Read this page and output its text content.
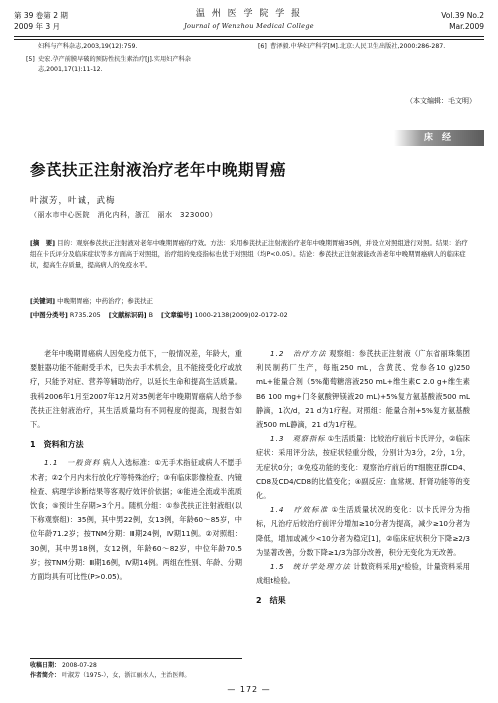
第 39 卷第 2 期
2009 年 3 月
温 州 医 学 院 学 报
Journal of Wenzhou Medical College
Vol.39 No.2
Mar.2009
妇科与产科杂志,2003,19(12):759.
[5] 史宏.孕产前膜早破的预防性抗生素治疗[J].实用妇产科杂志,2001,17(1):11-12.
[6] 曹泽毅.中华妇产科学[M].北京:人民卫生出版社,2000:286-287.
（本文编辑：毛文明）
床 经
参芪扶正注射液治疗老年中晚期胃癌
叶淑芳，叶诚，武梅
（丽水市中心医院　消化内科，浙江　丽水　323000）
[摘　要] 目的：观察参芪扶正注射液对老年中晚期胃癌的疗效。方法：采用参芪扶正注射液治疗老年中晚期胃癌35例，并设立对照组进行对照。结果：治疗组在卡氏评分及临床症状等多方面高于对照组，治疗组的免疫指标也优于对照组（均P<0.05）。结论：参芪扶正注射液能改善老年中晚期胃癌病人的临床症状，提高生存质量，提高病人的免疫水平。
[关键词] 中晚期胃癌；中药治疗；参芪扶正
[中图分类号] R735.205 [文献标识码] B [文章编号] 1000-2138(2009)02-0172-02

老年中晚期胃癌病人因免疫力低下，一般情况差，年龄大，重要脏器功能不能耐受手术，已失去手术机会，且不能接受化疗或放疗，只能予对症、营养等辅助治疗，以延长生命和提高生活质量。我科2006年1月至2007年12月对35例老年中晚期胃癌病人给予参芪扶正注射液治疗，其生活质量均有不同程度的提高，现报告如下。

1　资料和方法

1.1　一般资料 病人入选标准：①无手术指征或病人不愿手术者；②2个月内未行放化疗等特殊治疗；③有临床影像检查、内镜检查、病理学诊断结果等客观疗效评价依据；④能进全流或半流质饮食；⑤预计生存期>3个月。随机分组：①参芪扶正注射液组(以下称观察组)：35例，其中男22例，女13例，年龄60～85岁，中位年龄71.2岁；按TNM分期：Ⅲ期24例，Ⅳ期11例。②对照组：30例，其中男18例，女12例，年龄60～82岁，中位年龄70.5岁；按TNM分期：Ⅲ期16例，Ⅳ期14例。两组在性别、年龄、分期方面均具有可比性(P>0.05)。

1.2　治疗方法 观察组：参芪扶正注射液（广东省丽珠集团利民制药厂生产，每瓶250 mL，含黄芪、党参各10 g)250 mL+能量合剂（5%葡萄糖溶液250 mL+维生素C 2.0 g+维生素B6 100 mg+门冬氨酸钾镁液20 mL)+5%复方氨基酸液500 mL静滴，1次/d，21 d为1疗程。对照组：能量合剂+5%复方氨基酸液500 mL静滴，21 d为1疗程。

1.3　观察指标 ①生活质量：比较治疗前后卡氏评分，②临床症状：采用评分法，按症状轻重分级，分别计为3分，2分，1分，无症状0分；③免疫功能的变化：观察治疗前后的T细胞亚群CD4、CD8及CD4/CD8的比值变化；④副反应：血常规、肝肾功能等的变化。

1.4　疗效标准 ①生活质量状况的变化：以卡氏评分为指标，凡治疗后较治疗前评分增加≥10分者为提高，减少≥10分者为降低，增加或减少<10分者为稳定[1]，②临床症状积分下降≥2/3为显著改善，分数下降≥1/3为部分改善，积分无变化为无改善。

1.5　统计学处理方法 计数资料采用χ²检验，计量资料采用成组t检验。

2　结果
收稿日期： 2008-07-28
作者简介： 叶淑芳（1975-），女，浙江丽水人，主治医师。
— 172 —
